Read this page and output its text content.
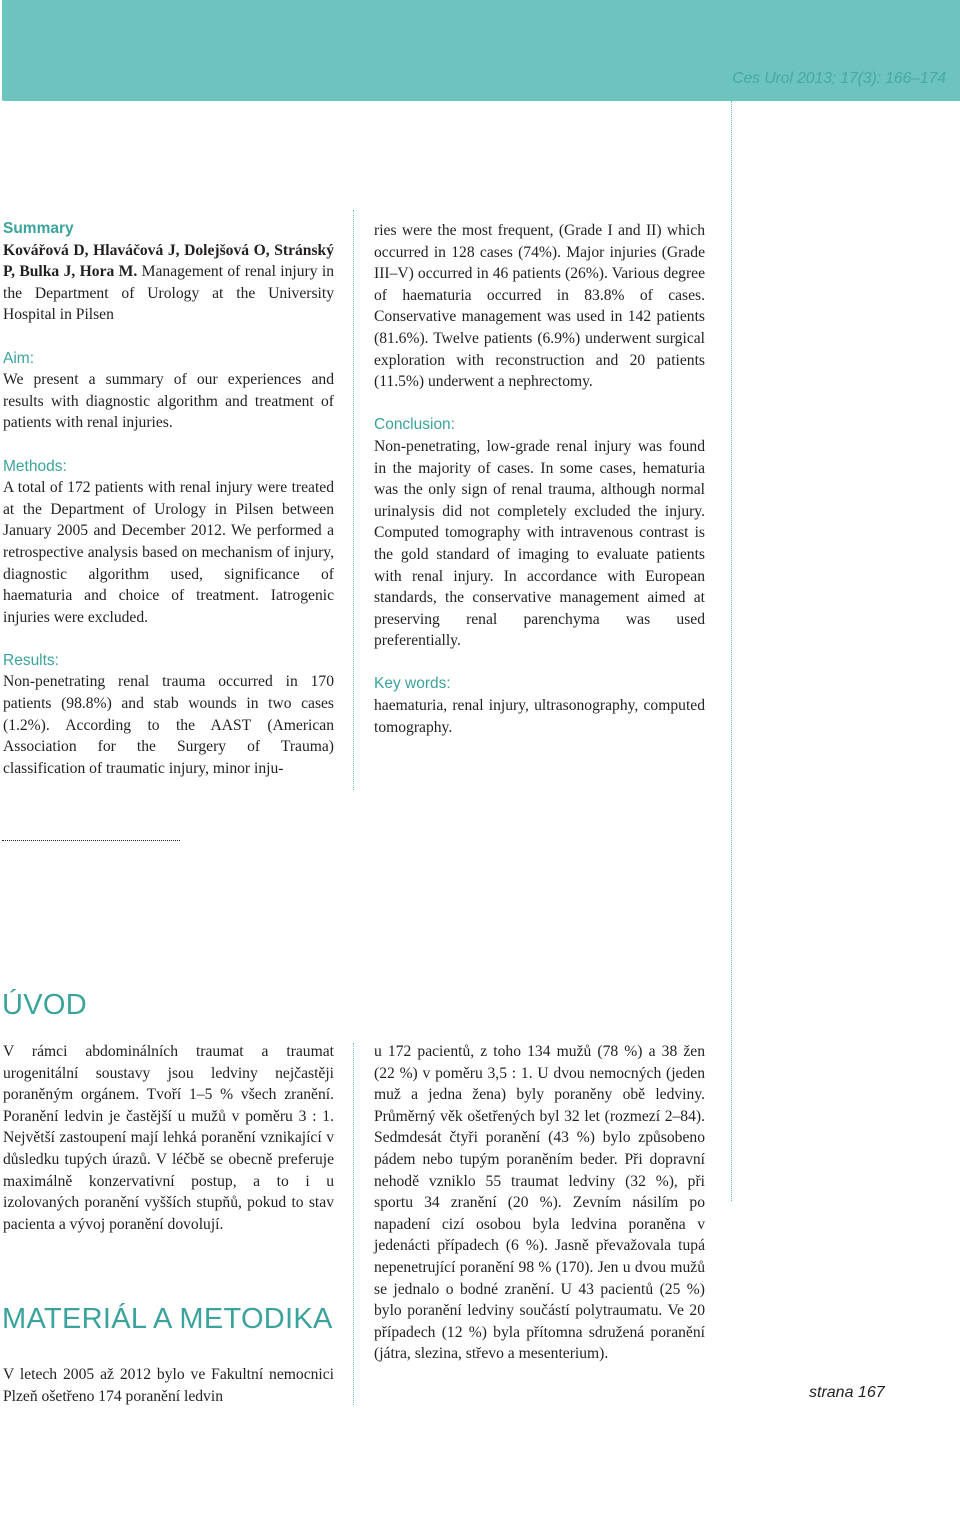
Ces Urol 2013; 17(3): 166–174
Summary

Kovářová D, Hlaváčová J, Dolejšová O, Stránský P, Bulka J, Hora M. Management of renal injury in the Department of Urology at the University Hospital in Pilsen

Aim:

We present a summary of our experiences and results with diagnostic algorithm and treatment of patients with renal injuries.

Methods:

A total of 172 patients with renal injury were treated at the Department of Urology in Pilsen between January 2005 and December 2012. We performed a retrospective analysis based on mechanism of injury, diagnostic algorithm used, significance of haematuria and choice of treatment. Iatrogenic injuries were excluded.

Results:

Non-penetrating renal trauma occurred in 170 patients (98.8%) and stab wounds in two cases (1.2%). According to the AAST (American Association for the Surgery of Trauma) classification of traumatic injury, minor inju-

ries were the most frequent, (Grade I and II) which occurred in 128 cases (74%). Major injuries (Grade III–V) occurred in 46 patients (26%). Various degree of haematuria occurred in 83.8% of cases. Conservative management was used in 142 patients (81.6%). Twelve patients (6.9%) underwent surgical exploration with reconstruction and 20 patients (11.5%) underwent a nephrectomy.

Conclusion:

Non-penetrating, low-grade renal injury was found in the majority of cases. In some cases, hematuria was the only sign of renal trauma, although normal urinalysis did not completely excluded the injury. Computed tomography with intravenous contrast is the gold standard of imaging to evaluate patients with renal injury. In accordance with European standards, the conservative management aimed at preserving renal parenchyma was used preferentially.

Key words:

haematuria, renal injury, ultrasonography, computed tomography.

ÚVOD
V rámci abdominálních traumat a traumat urogenitální soustavy jsou ledviny nejčastěji poraněným orgánem. Tvoří 1–5 % všech zranění. Poranění ledvin je častější u mužů v poměru 3 : 1. Největší zastoupení mají lehká poranění vznikající v důsledku tupých úrazů. V léčbě se obecně preferuje maximálně konzervativní postup, a to i u izolovaných poranění vyšších stupňů, pokud to stav pacienta a vývoj poranění dovolují.
MATERIÁL A METODIKA
V letech 2005 až 2012 bylo ve Fakultní nemocnici Plzeň ošetřeno 174 poranění ledvin
u 172 pacientů, z toho 134 mužů (78 %) a 38 žen (22 %) v poměru 3,5 : 1. U dvou nemocných (jeden muž a jedna žena) byly poraněny obě ledviny. Průměrný věk ošetřených byl 32 let (rozmezí 2–84). Sedmdesát čtyři poranění (43 %) bylo způsobeno pádem nebo tupým poraněním beder. Při dopravní nehodě vzniklo 55 traumat ledviny (32 %), při sportu 34 zranění (20 %). Zevním násilím po napadení cizí osobou byla ledvina poraněna v jedenácti případech (6 %). Jasně převažovala tupá nepenetrující poranění 98 % (170). Jen u dvou mužů se jednalo o bodné zranění. U 43 pacientů (25 %) bylo poranění ledviny součástí polytraumatu. Ve 20 případech (12 %) byla přítomna sdružená poranění (játra, slezina, střevo a mesenterium).
strana 167
